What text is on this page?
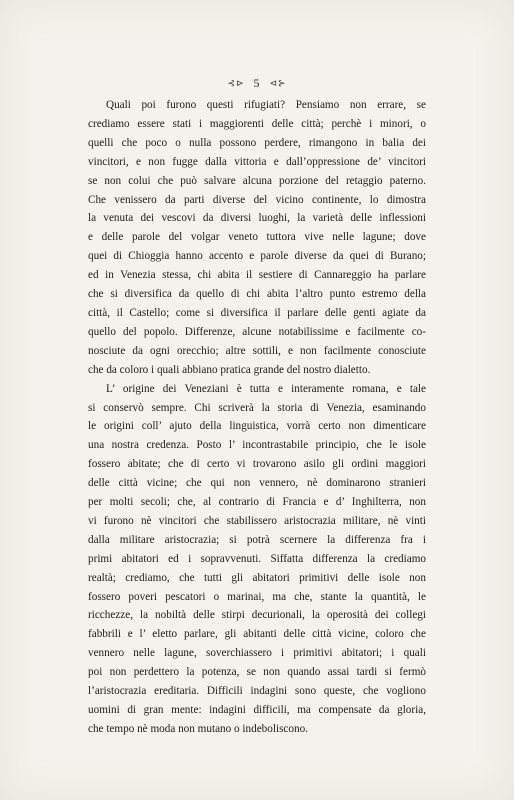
⊰⊳ 5 ⊲⊱
Quali poi furono questi rifugiati? Pensiamo non errare, se
crediamo essere stati i maggiorenti delle città; perchè i minori, o
quelli che poco o nulla possono perdere, rimangono in balia dei
vincitori, e non fugge dalla vittoria e dall’oppressione de’ vincitori
se non colui che può salvare alcuna porzione del retaggio paterno.
Che venissero da parti diverse del vicino continente, lo dimostra
la venuta dei vescovi da diversi luoghi, la varietà delle inflessioni
e delle parole del volgar veneto tuttora vive nelle lagune; dove
quei di Chioggia hanno accento e parole diverse da quei di Burano;
ed in Venezia stessa, chi abita il sestiere di Cannareggio ha parlare
che si diversifica da quello di chi abita l’altro punto estremo della
città, il Castello; come si diversifica il parlare delle genti agiate da
quello del popolo. Differenze, alcune notabilissime e facilmente co-
nosciute da ogni orecchio; altre sottili, e non facilmente conosciute
che da coloro i quali abbiano pratica grande del nostro dialetto.
L’ origine dei Veneziani è tutta e interamente romana, e tale
si conservò sempre. Chi scriverà la storia di Venezia, esaminando
le origini coll’ ajuto della linguistica, vorrà certo non dimenticare
una nostra credenza. Posto l’ incontrastabile principio, che le isole
fossero abitate; che di certo vi trovarono asilo gli ordini maggiori
delle città vicine; che qui non vennero, nè dominarono stranieri
per molti secoli; che, al contrario di Francia e d’ Inghilterra, non
vi furono nè vincitori che stabilissero aristocrazia militare, nè vinti
dalla militare aristocrazia; si potrà scernere la differenza fra i
primi abitatori ed i sopravvenuti. Siffatta differenza la crediamo
realtà; crediamo, che tutti gli abitatori primitivi delle isole non
fossero poveri pescatori o marinai, ma che, stante la quantità, le
ricchezze, la nobiltà delle stirpi decurionali, la operosità dei collegi
fabbrili e l’ eletto parlare, gli abitanti delle città vicine, coloro che
vennero nelle lagune, soverchiassero i primitivi abitatori; i quali
poi non perdettero la potenza, se non quando assai tardi si fermò
l’aristocrazia ereditaria. Difficili indagini sono queste, che vogliono
uomini di gran mente: indagini difficili, ma compensate da gloria,
che tempo nè moda non mutano o indeboliscono.
